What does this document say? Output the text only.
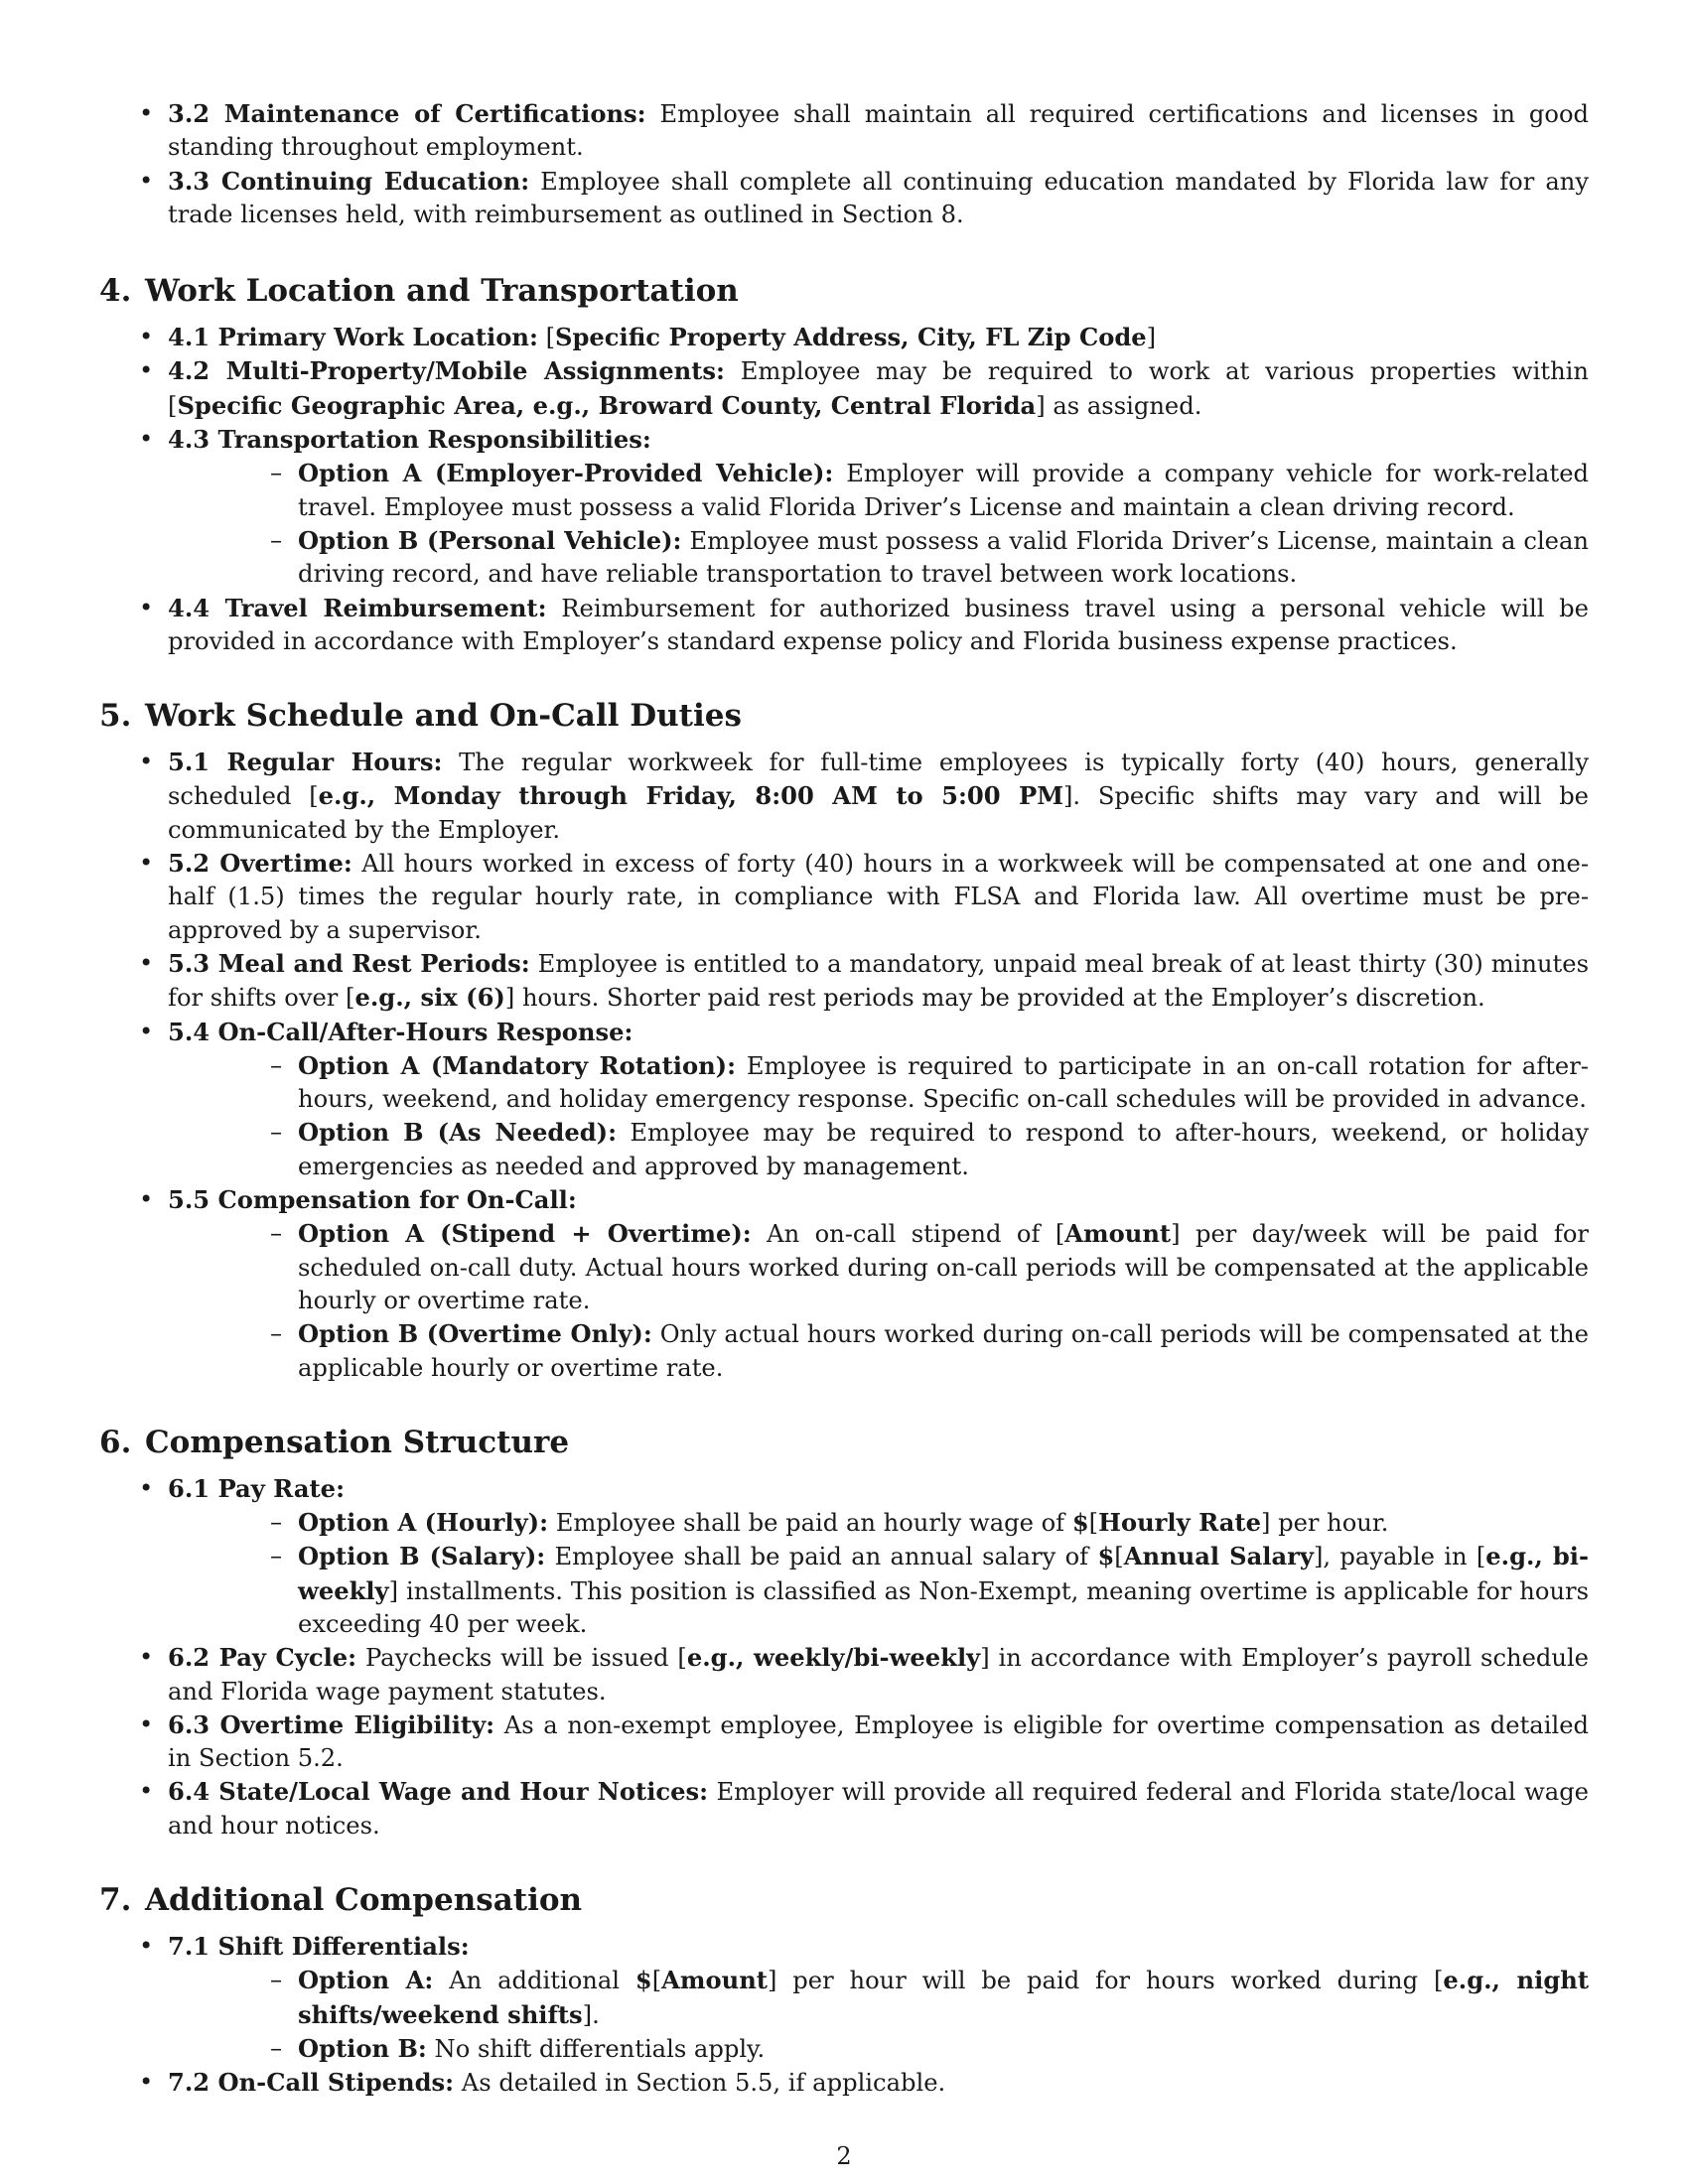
• 3.2 Maintenance of Certifications: Employee shall maintain all required certifications and licenses in good standing throughout employment.
• 3.3 Continuing Education: Employee shall complete all continuing education mandated by Florida law for any trade licenses held, with reimbursement as outlined in Section 8.
4. Work Location and Transportation
• 4.1 Primary Work Location: [Specific Property Address, City, FL Zip Code]
• 4.2 Multi-Property/Mobile Assignments: Employee may be required to work at various properties within [Specific Geographic Area, e.g., Broward County, Central Florida] as assigned.
• 4.3 Transportation Responsibilities:
– Option A (Employer-Provided Vehicle): Employer will provide a company vehicle for work-related travel. Employee must possess a valid Florida Driver’s License and maintain a clean driving record.
– Option B (Personal Vehicle): Employee must possess a valid Florida Driver’s License, maintain a clean driving record, and have reliable transportation to travel between work locations.
• 4.4 Travel Reimbursement: Reimbursement for authorized business travel using a personal vehicle will be provided in accordance with Employer’s standard expense policy and Florida business expense practices.
5. Work Schedule and On-Call Duties
• 5.1 Regular Hours: The regular workweek for full-time employees is typically forty (40) hours, generally scheduled [e.g., Monday through Friday, 8:00 AM to 5:00 PM]. Specific shifts may vary and will be communicated by the Employer.
• 5.2 Overtime: All hours worked in excess of forty (40) hours in a workweek will be compensated at one and one-half (1.5) times the regular hourly rate, in compliance with FLSA and Florida law. All overtime must be pre-approved by a supervisor.
• 5.3 Meal and Rest Periods: Employee is entitled to a mandatory, unpaid meal break of at least thirty (30) minutes for shifts over [e.g., six (6)] hours. Shorter paid rest periods may be provided at the Employer’s discretion.
• 5.4 On-Call/After-Hours Response:
– Option A (Mandatory Rotation): Employee is required to participate in an on-call rotation for after-hours, weekend, and holiday emergency response. Specific on-call schedules will be provided in advance.
– Option B (As Needed): Employee may be required to respond to after-hours, weekend, or holiday emergencies as needed and approved by management.
• 5.5 Compensation for On-Call:
– Option A (Stipend + Overtime): An on-call stipend of [Amount] per day/week will be paid for scheduled on-call duty. Actual hours worked during on-call periods will be compensated at the applicable hourly or overtime rate.
– Option B (Overtime Only): Only actual hours worked during on-call periods will be compensated at the applicable hourly or overtime rate.
6. Compensation Structure
• 6.1 Pay Rate:
– Option A (Hourly): Employee shall be paid an hourly wage of $[Hourly Rate] per hour.
– Option B (Salary): Employee shall be paid an annual salary of $[Annual Salary], payable in [e.g., bi-weekly] installments. This position is classified as Non-Exempt, meaning overtime is applicable for hours exceeding 40 per week.
• 6.2 Pay Cycle: Paychecks will be issued [e.g., weekly/bi-weekly] in accordance with Employer’s payroll schedule and Florida wage payment statutes.
• 6.3 Overtime Eligibility: As a non-exempt employee, Employee is eligible for overtime compensation as detailed in Section 5.2.
• 6.4 State/Local Wage and Hour Notices: Employer will provide all required federal and Florida state/local wage and hour notices.
7. Additional Compensation
• 7.1 Shift Differentials:
– Option A: An additional $[Amount] per hour will be paid for hours worked during [e.g., night shifts/weekend shifts].
– Option B: No shift differentials apply.
• 7.2 On-Call Stipends: As detailed in Section 5.5, if applicable.
2
